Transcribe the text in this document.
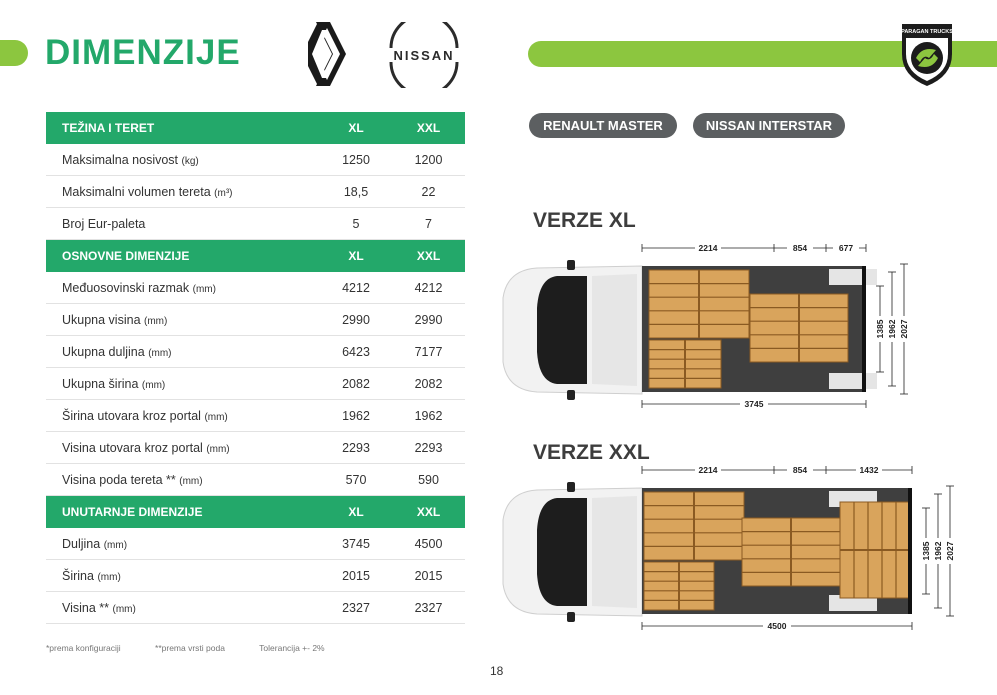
DIMENZIJE	NISSAN
PARAGAN TRUCKS
TEŽINA I TERET	XL	XXL
Maksimalna nosivost (kg)	1250	1200
Maksimalni volumen tereta (m³)	18,5	22
Broj Eur-paleta	5	7
OSNOVNE DIMENZIJE	XL	XXL
Međuosovinski razmak (mm)	4212	4212
Ukupna visina (mm)	2990	2990
Ukupna duljina (mm)	6423	7177
Ukupna širina (mm)	2082	2082
Širina utovara kroz portal (mm)	1962	1962
Visina utovara kroz portal (mm)	2293	2293
Visina poda tereta ** (mm)	570	590
UNUTARNJE DIMENZIJE	XL	XXL
Duljina (mm)	3745	4500
Širina (mm)	2015	2015
Visina ** (mm)	2327	2327
*prema konfiguraciji	**prema vrsti poda	Tolerancija +- 2%
18
RENAULT MASTER	NISSAN INTERSTAR
VERZE XL
VERZE XXL
2214	854	677
3745
1385 1962 2027
2214	854	1432
4500
1385 1962 2027
